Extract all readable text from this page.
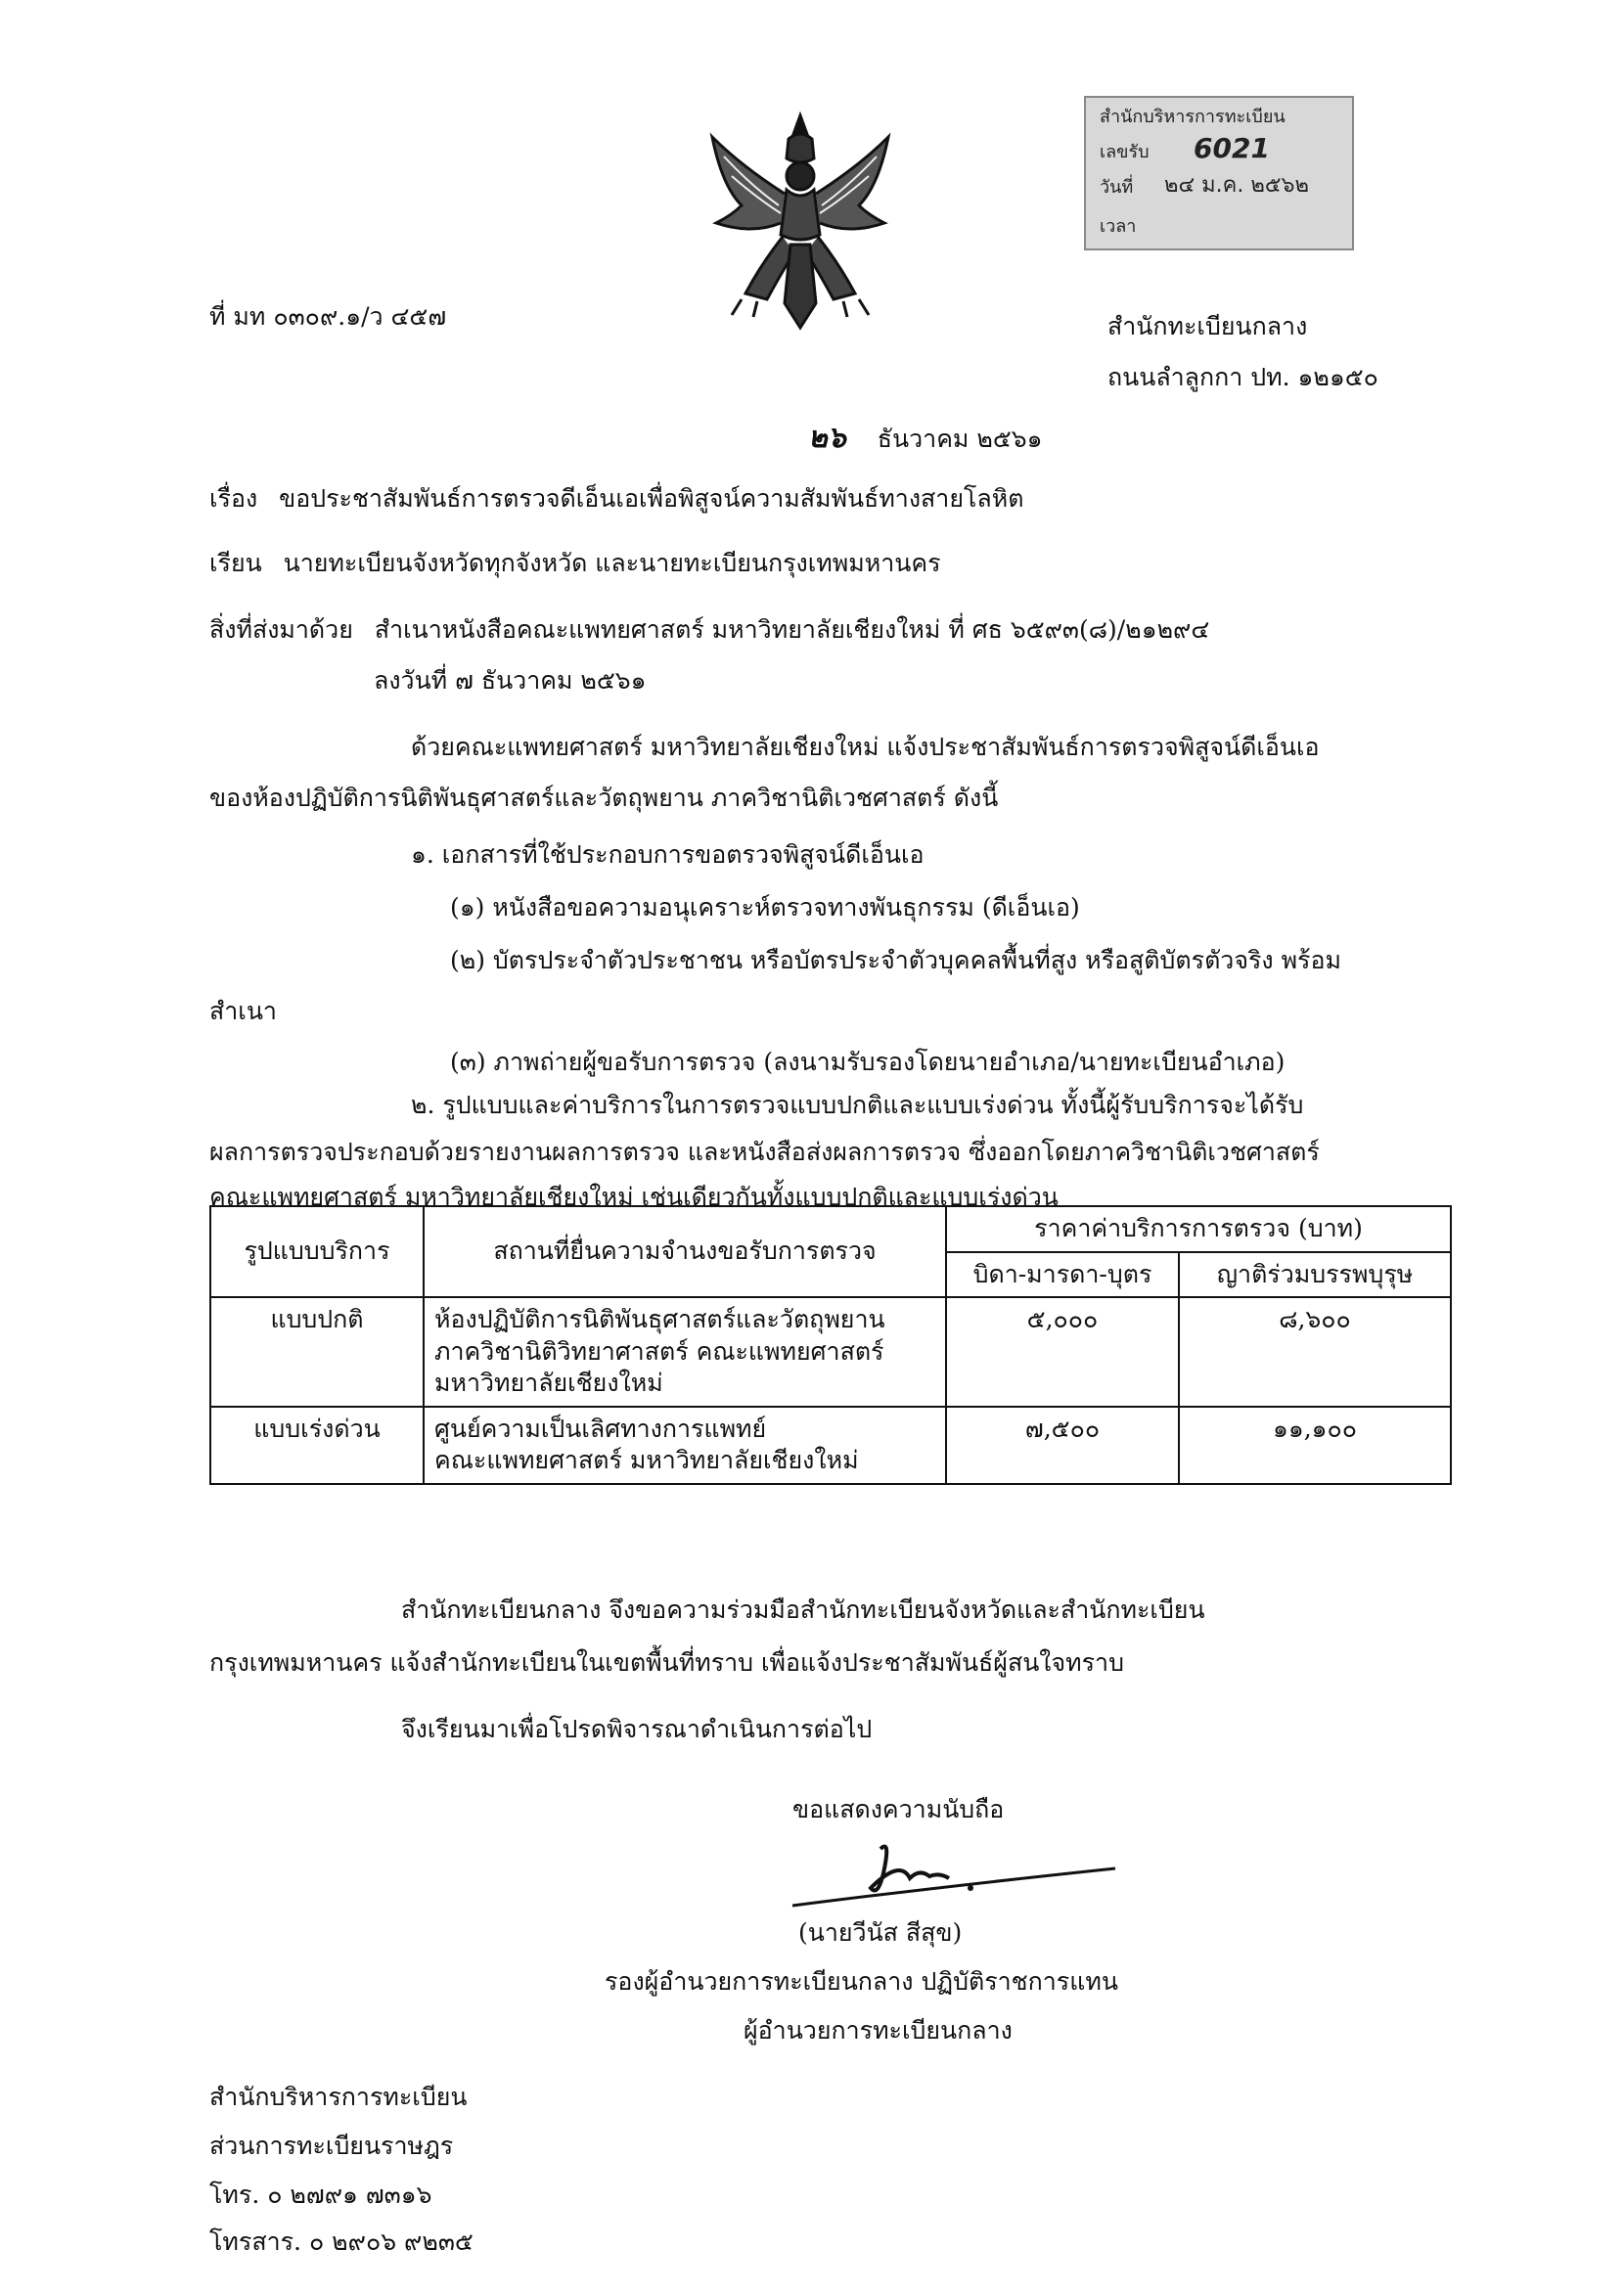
สำนักบริหารการทะเบียน
เลขรับ 6021
วันที่ ๒๔ ม.ค. ๒๕๖๒
เวลา
ที่ มท ๐๓๐๙.๑/ว ๔๕๗	สำนักทะเบียนกลาง
ถนนลำลูกกา ปท. ๑๒๑๕๐
๒๖ ธันวาคม ๒๕๖๑
เรื่อง ขอประชาสัมพันธ์การตรวจดีเอ็นเอเพื่อพิสูจน์ความสัมพันธ์ทางสายโลหิต
เรียน นายทะเบียนจังหวัดทุกจังหวัด และนายทะเบียนกรุงเทพมหานคร
สิ่งที่ส่งมาด้วย สำเนาหนังสือคณะแพทยศาสตร์ มหาวิทยาลัยเชียงใหม่ ที่ ศธ ๖๕๙๓(๘)/๒๑๒๙๔
ลงวันที่ ๗ ธันวาคม ๒๕๖๑
ด้วยคณะแพทยศาสตร์ มหาวิทยาลัยเชียงใหม่ แจ้งประชาสัมพันธ์การตรวจพิสูจน์ดีเอ็นเอ
ของห้องปฏิบัติการนิติพันธุศาสตร์และวัตถุพยาน ภาควิชานิติเวชศาสตร์ ดังนี้
๑. เอกสารที่ใช้ประกอบการขอตรวจพิสูจน์ดีเอ็นเอ
(๑) หนังสือขอความอนุเคราะห์ตรวจทางพันธุกรรม (ดีเอ็นเอ)
(๒) บัตรประจำตัวประชาชน หรือบัตรประจำตัวบุคคลพื้นที่สูง หรือสูติบัตรตัวจริง พร้อม
สำเนา
(๓) ภาพถ่ายผู้ขอรับการตรวจ (ลงนามรับรองโดยนายอำเภอ/นายทะเบียนอำเภอ)
๒. รูปแบบและค่าบริการในการตรวจแบบปกติและแบบเร่งด่วน ทั้งนี้ผู้รับบริการจะได้รับ
ผลการตรวจประกอบด้วยรายงานผลการตรวจ และหนังสือส่งผลการตรวจ ซึ่งออกโดยภาควิชานิติเวชศาสตร์
คณะแพทยศาสตร์ มหาวิทยาลัยเชียงใหม่ เช่นเดียวกันทั้งแบบปกติและแบบเร่งด่วน
รูปแบบบริการ	สถานที่ยื่นความจำนงขอรับการตรวจ	ราคาค่าบริการการตรวจ (บาท)	
		บิดา-มารดา-บุตร	ญาติร่วมบรรพบุรุษ
แบบปกติ	ห้องปฏิบัติการนิติพันธุศาสตร์และวัตถุพยาน
ภาควิชานิติวิทยาศาสตร์ คณะแพทยศาสตร์
มหาวิทยาลัยเชียงใหม่	๕,๐๐๐	๘,๖๐๐
แบบเร่งด่วน	ศูนย์ความเป็นเลิศทางการแพทย์
คณะแพทยศาสตร์ มหาวิทยาลัยเชียงใหม่	๗,๕๐๐	๑๑,๑๐๐
สำนักทะเบียนกลาง จึงขอความร่วมมือสำนักทะเบียนจังหวัดและสำนักทะเบียน
กรุงเทพมหานคร แจ้งสำนักทะเบียนในเขตพื้นที่ทราบ เพื่อแจ้งประชาสัมพันธ์ผู้สนใจทราบ
จึงเรียนมาเพื่อโปรดพิจารณาดำเนินการต่อไป
ขอแสดงความนับถือ
(นายวีนัส สีสุข)
รองผู้อำนวยการทะเบียนกลาง ปฏิบัติราชการแทน
ผู้อำนวยการทะเบียนกลาง
สำนักบริหารการทะเบียน
ส่วนการทะเบียนราษฎร
โทร. ๐ ๒๗๙๑ ๗๓๑๖
โทรสาร. ๐ ๒๙๐๖ ๙๒๓๕
